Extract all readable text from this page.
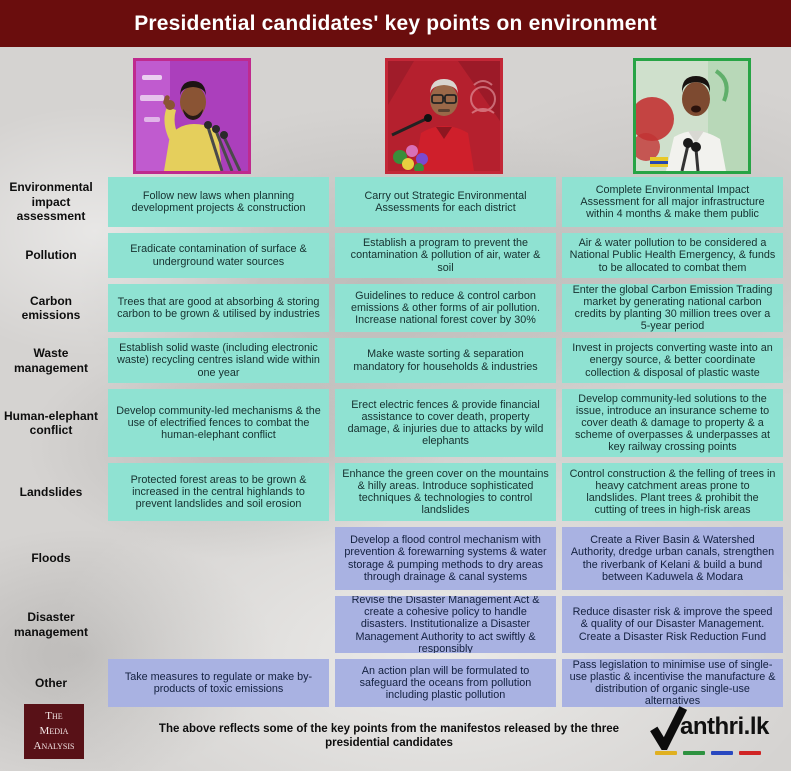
Presidential candidates' key points on environment
Environmental impact assessment
Follow new laws when planning development projects & construction
Carry out Strategic Environmental Assessments for each district
Complete Environmental Impact Assessment for all major infrastructure within 4 months & make them public
Pollution	Eradicate contamination of surface & underground water sources
Establish a program to prevent the contamination & pollution of air, water & soil
Air & water pollution to be considered a National Public Health Emergency, & funds to be allocated to combat them
Carbon emissions
Trees that are good at absorbing & storing carbon to be grown & utilised by industries
Guidelines to reduce & control carbon emissions & other forms of air pollution. Increase national forest cover by 30%
Enter the global Carbon Emission Trading market by generating national carbon credits by planting 30 million trees over a 5-year period
Waste management
Establish solid waste (including electronic waste) recycling centres island wide within one year
Make waste sorting & separation mandatory for households & industries
Invest in projects converting waste into an energy source, & better coordinate collection & disposal of plastic waste
Human-elephant conflict
Develop community-led mechanisms & the use of electrified fences to combat the human-elephant conflict
Erect electric fences & provide financial assistance to cover death, property damage, & injuries due to attacks by wild elephants
Develop community-led solutions to the issue, introduce an insurance scheme to cover death & damage to property & a scheme of overpasses & underpasses at key railway crossing points
Landslides
Protected forest areas to be grown & increased in the central highlands to prevent landslides and soil erosion
Enhance the green cover on the mountains & hilly areas. Introduce sophisticated techniques & technologies to control landslides
Control construction & the felling of trees in heavy catchment areas prone to landslides. Plant trees & prohibit the cutting of trees in high-risk areas
Floods
Develop a flood control mechanism with prevention & forewarning systems & water storage & pumping methods to dry areas through drainage & canal systems
Create a River Basin & Watershed Authority, dredge urban canals, strengthen the riverbank of Kelani & build a bund between Kaduwela & Modara
Disaster management
Revise the Disaster Management Act & create a cohesive policy to handle disasters. Institutionalize a Disaster Management Authority to act swiftly & responsibly
Reduce disaster risk & improve the speed & quality of our Disaster Management. Create a Disaster Risk Reduction Fund
Other	Take measures to regulate or make by-products of toxic emissions
An action plan will be formulated to safeguard the oceans from pollution including plastic pollution
Pass legislation to minimise use of single-use plastic & incentivise the manufacture & distribution of organic single-use alternatives
The
Media
Analysis
The above reflects some of the key points from the manifestos released by the three presidential candidates
anthri.lk
